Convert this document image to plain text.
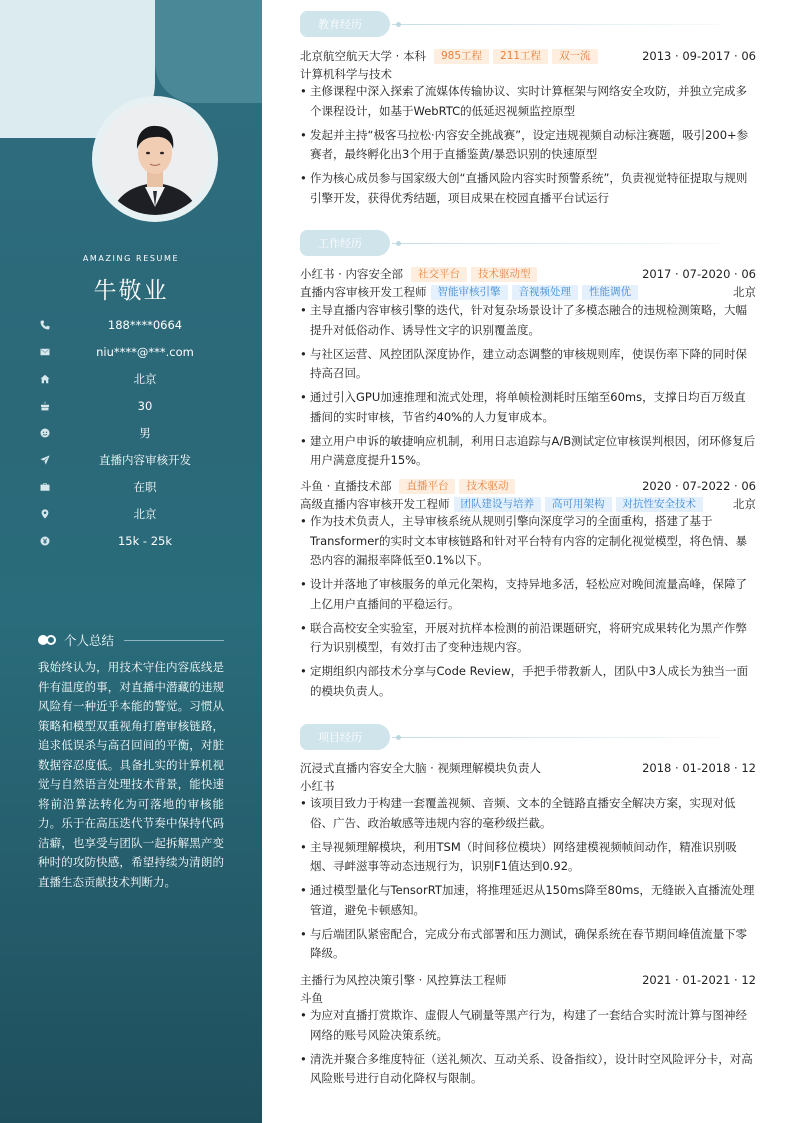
AMAZING RESUME
牛敬业
188****0664
niu****@***.com
北京
30
男
直播内容审核开发
在职
北京
15k - 25k
个人总结
我始终认为，用技术守住内容底线是件有温度的事，对直播中潜藏的违规风险有一种近乎本能的警觉。习惯从策略和模型双重视角打磨审核链路，追求低误杀与高召回间的平衡，对脏数据容忍度低。具备扎实的计算机视觉与自然语言处理技术背景，能快速将前沿算法转化为可落地的审核能力。乐于在高压迭代节奏中保持代码洁癖，也享受与团队一起拆解黑产变种时的攻防快感，希望持续为清朗的直播生态贡献技术判断力。
教育经历
北京航空航天大学 · 本科	985工程	211工程	双一流	2013 · 09-2017 · 06
计算机科学与技术
• 主修课程中深入探索了流媒体传输协议、实时计算框架与网络安全攻防，并独立完成多个课程设计，如基于WebRTC的低延迟视频监控原型
• 发起并主持“极客马拉松·内容安全挑战赛”，设定违规视频自动标注赛题，吸引200+参赛者，最终孵化出3个用于直播鉴黄/暴恐识别的快速原型
• 作为核心成员参与国家级大创“直播风险内容实时预警系统”，负责视觉特征提取与规则引擎开发，获得优秀结题，项目成果在校园直播平台试运行
工作经历
小红书 · 内容安全部	社交平台	技术驱动型	2017 · 07-2020 · 06
直播内容审核开发工程师	智能审核引擎	音视频处理	性能调优	北京
• 主导直播内容审核引擎的迭代，针对复杂场景设计了多模态融合的违规检测策略，大幅提升对低俗动作、诱导性文字的识别覆盖度。
• 与社区运营、风控团队深度协作，建立动态调整的审核规则库，使误伤率下降的同时保持高召回。
• 通过引入GPU加速推理和流式处理，将单帧检测耗时压缩至60ms，支撑日均百万级直播间的实时审核，节省约40%的人力复审成本。
• 建立用户申诉的敏捷响应机制，利用日志追踪与A/B测试定位审核误判根因，闭环修复后用户满意度提升15%。
斗鱼 · 直播技术部	直播平台	技术驱动	2020 · 07-2022 · 06
高级直播内容审核开发工程师	团队建设与培养	高可用架构	对抗性安全技术	北京
• 作为技术负责人，主导审核系统从规则引擎向深度学习的全面重构，搭建了基于Transformer的实时文本审核链路和针对平台特有内容的定制化视觉模型，将色情、暴恐内容的漏报率降低至0.1%以下。
• 设计并落地了审核服务的单元化架构，支持异地多活，轻松应对晚间流量高峰，保障了上亿用户直播间的平稳运行。
• 联合高校安全实验室，开展对抗样本检测的前沿课题研究，将研究成果转化为黑产作弊行为识别模型，有效打击了变种违规内容。
• 定期组织内部技术分享与Code Review，手把手带教新人，团队中3人成长为独当一面的模块负责人。
项目经历
沉浸式直播内容安全大脑 · 视频理解模块负责人	2018 · 01-2018 · 12
小红书
• 该项目致力于构建一套覆盖视频、音频、文本的全链路直播安全解决方案，实现对低俗、广告、政治敏感等违规内容的毫秒级拦截。
• 主导视频理解模块，利用TSM（时间移位模块）网络建模视频帧间动作，精准识别吸烟、寻衅滋事等动态违规行为，识别F1值达到0.92。
• 通过模型量化与TensorRT加速，将推理延迟从150ms降至80ms，无缝嵌入直播流处理管道，避免卡顿感知。
• 与后端团队紧密配合，完成分布式部署和压力测试，确保系统在春节期间峰值流量下零降级。
主播行为风控决策引擎 · 风控算法工程师	2021 · 01-2021 · 12
斗鱼
• 为应对直播打赏欺诈、虚假人气刷量等黑产行为，构建了一套结合实时流计算与图神经网络的账号风险决策系统。
• 清洗并聚合多维度特征（送礼频次、互动关系、设备指纹），设计时空风险评分卡，对高风险账号进行自动化降权与限制。
